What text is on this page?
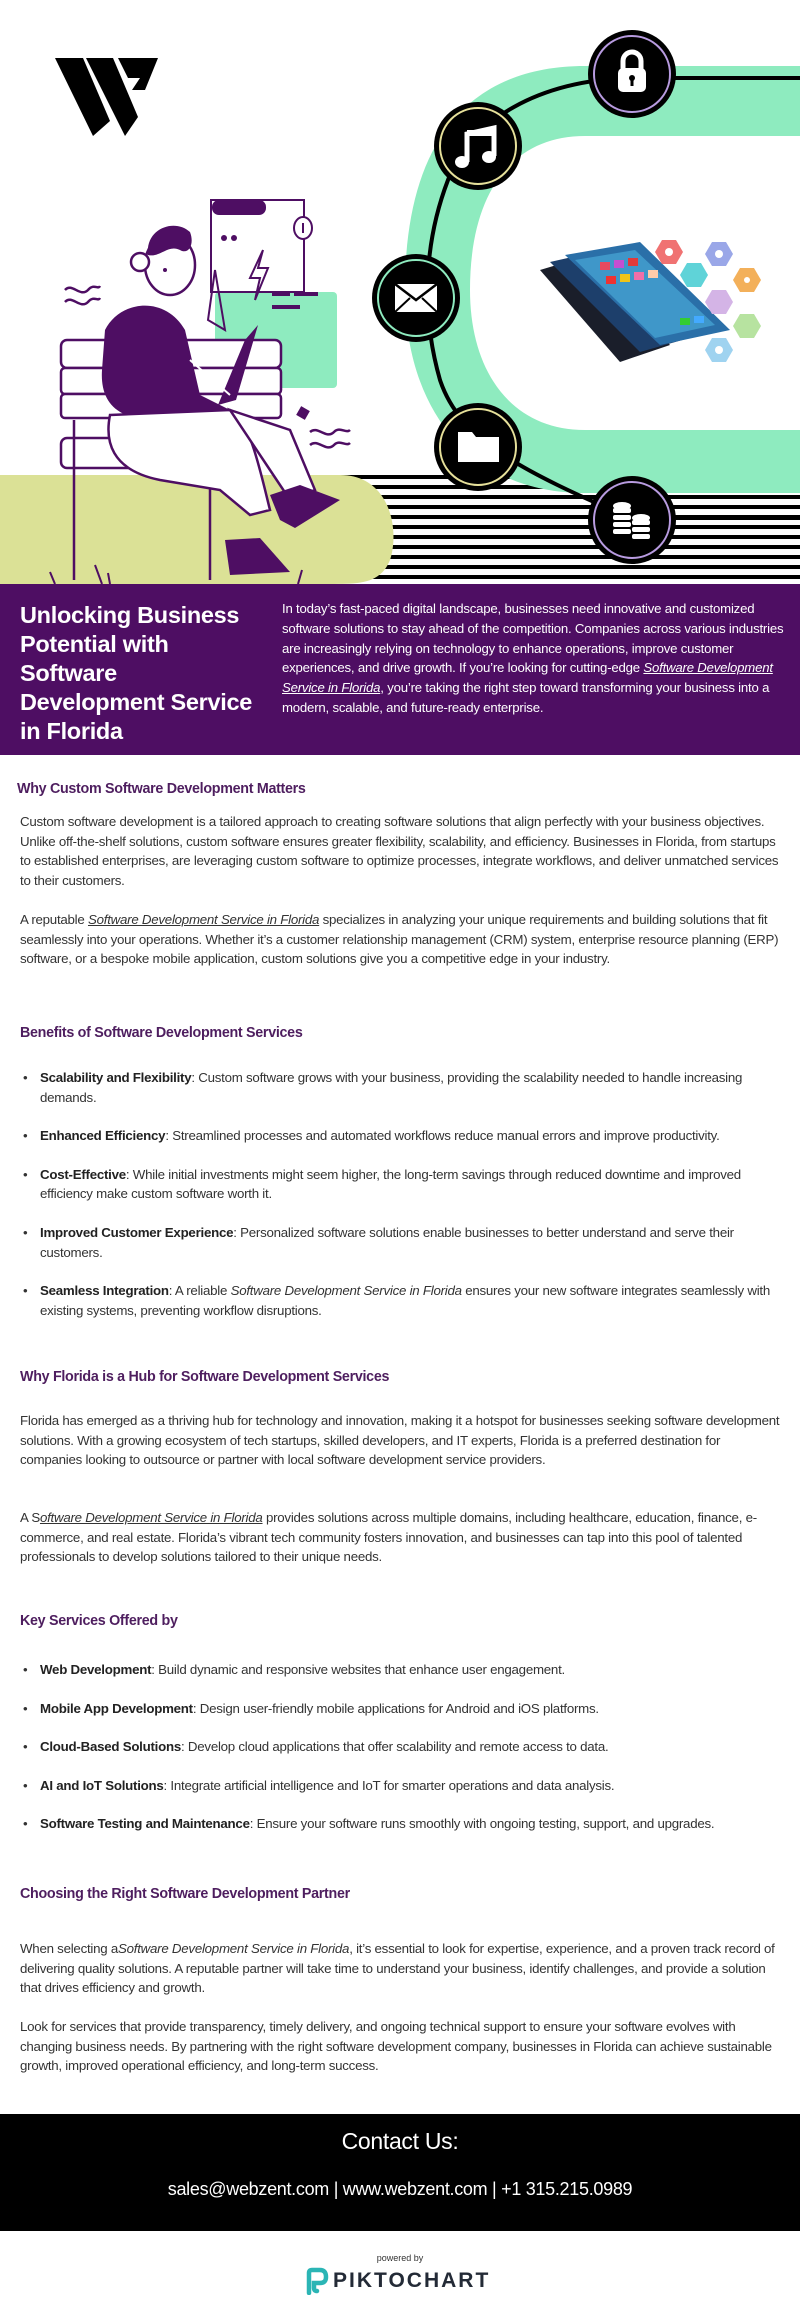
Unlocking Business Potential with Software Development Service in Florida

In today’s fast-paced digital landscape, businesses need innovative and customized software solutions to stay ahead of the competition. Companies across various industries are increasingly relying on technology to enhance operations, improve customer experiences, and drive growth. If you’re looking for cutting-edge Software Development Service in Florida, you’re taking the right step toward transforming your business into a modern, scalable, and future-ready enterprise.

Why Custom Software Development Matters

Custom software development is a tailored approach to creating software solutions that align perfectly with your business objectives. Unlike off-the-shelf solutions, custom software ensures greater flexibility, scalability, and efficiency. Businesses in Florida, from startups to established enterprises, are leveraging custom software to optimize processes, integrate workflows, and deliver unmatched services to their customers.

A reputable Software Development Service in Florida specializes in analyzing your unique requirements and building solutions that fit seamlessly into your operations. Whether it’s a customer relationship management (CRM) system, enterprise resource planning (ERP) software, or a bespoke mobile application, custom solutions give you a competitive edge in your industry.

Benefits of Software Development Services
• Scalability and Flexibility: Custom software grows with your business, providing the scalability needed to handle increasing demands.
• Enhanced Efficiency: Streamlined processes and automated workflows reduce manual errors and improve productivity.
• Cost-Effective: While initial investments might seem higher, the long-term savings through reduced downtime and improved efficiency make custom software worth it.
• Improved Customer Experience: Personalized software solutions enable businesses to better understand and serve their customers.
• Seamless Integration: A reliable Software Development Service in Florida ensures your new software integrates seamlessly with existing systems, preventing workflow disruptions.
Why Florida is a Hub for Software Development Services

Florida has emerged as a thriving hub for technology and innovation, making it a hotspot for businesses seeking software development solutions. With a growing ecosystem of tech startups, skilled developers, and IT experts, Florida is a preferred destination for companies looking to outsource or partner with local software development service providers.

A Software Development Service in Florida provides solutions across multiple domains, including healthcare, education, finance, e-commerce, and real estate. Florida’s vibrant tech community fosters innovation, and businesses can tap into this pool of talented professionals to develop solutions tailored to their unique needs.

Key Services Offered by
• Web Development: Build dynamic and responsive websites that enhance user engagement.
• Mobile App Development: Design user-friendly mobile applications for Android and iOS platforms.
• Cloud-Based Solutions: Develop cloud applications that offer scalability and remote access to data.
• AI and IoT Solutions: Integrate artificial intelligence and IoT for smarter operations and data analysis.
• Software Testing and Maintenance: Ensure your software runs smoothly with ongoing testing, support, and upgrades.
Choosing the Right Software Development Partner

When selecting aSoftware Development Service in Florida, it’s essential to look for expertise, experience, and a proven track record of delivering quality solutions. A reputable partner will take time to understand your business, identify challenges, and provide a solution that drives efficiency and growth.

Look for services that provide transparency, timely delivery, and ongoing technical support to ensure your software evolves with changing business needs. By partnering with the right software development company, businesses in Florida can achieve sustainable growth, improved operational efficiency, and long-term success.

Contact Us:
sales@webzent.com | www.webzent.com | +1 315.215.0989
powered by
PIKTOCHART
